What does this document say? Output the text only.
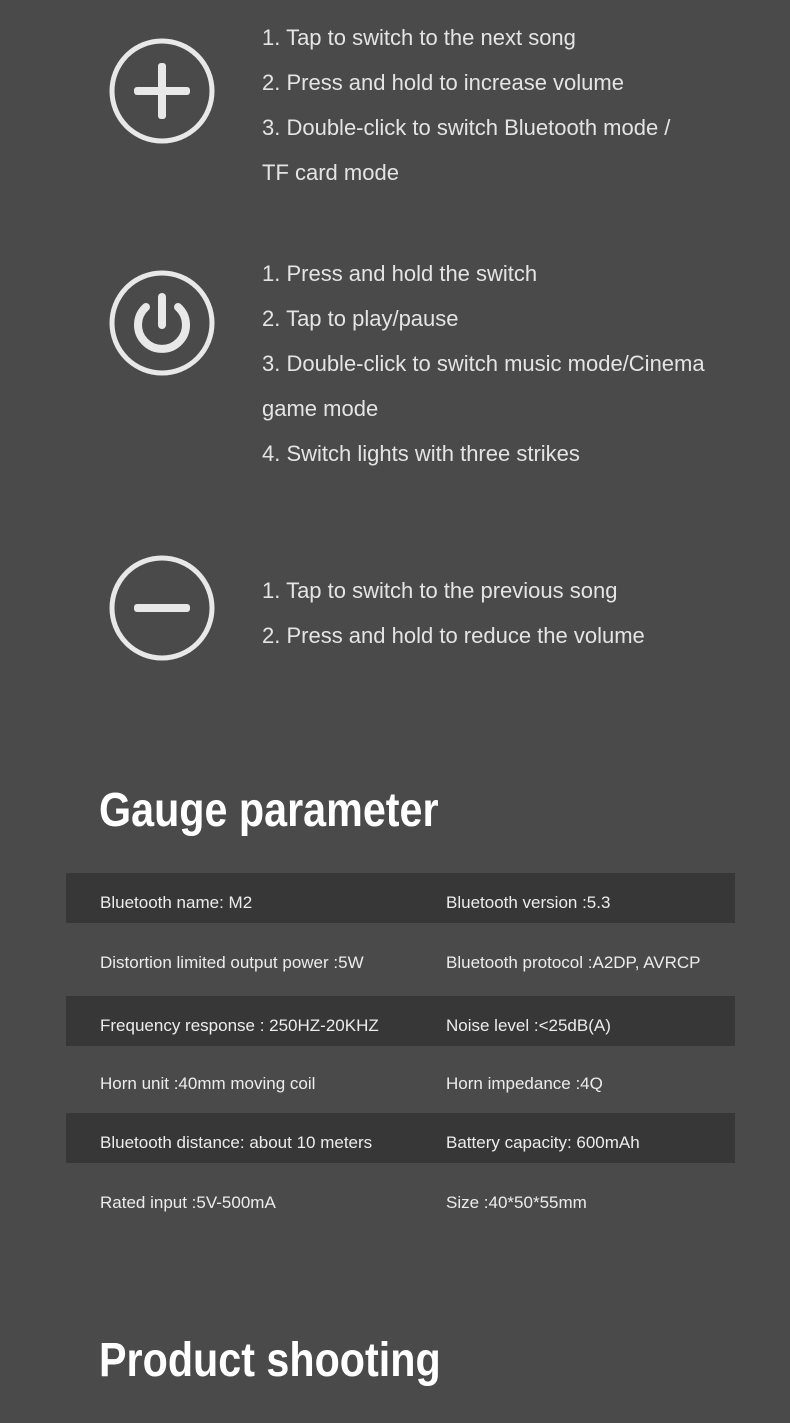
1. Tap to switch to the next song
2. Press and hold to increase volume
3. Double-click to switch Bluetooth mode /
TF card mode
1. Press and hold the switch
2. Tap to play/pause
3. Double-click to switch music mode/Cinema
game mode
4. Switch lights with three strikes
1. Tap to switch to the previous song
2. Press and hold to reduce the volume
Gauge parameter
Bluetooth name: M2	Bluetooth version :5.3
Distortion limited output power :5W	Bluetooth protocol :A2DP, AVRCP
Frequency response : 250HZ-20KHZ	Noise level :<25dB(A)
Horn unit :40mm moving coil	Horn impedance :4Q
Bluetooth distance: about 10 meters	Battery capacity: 600mAh
Rated input :5V-500mA	Size :40*50*55mm
Product shooting
